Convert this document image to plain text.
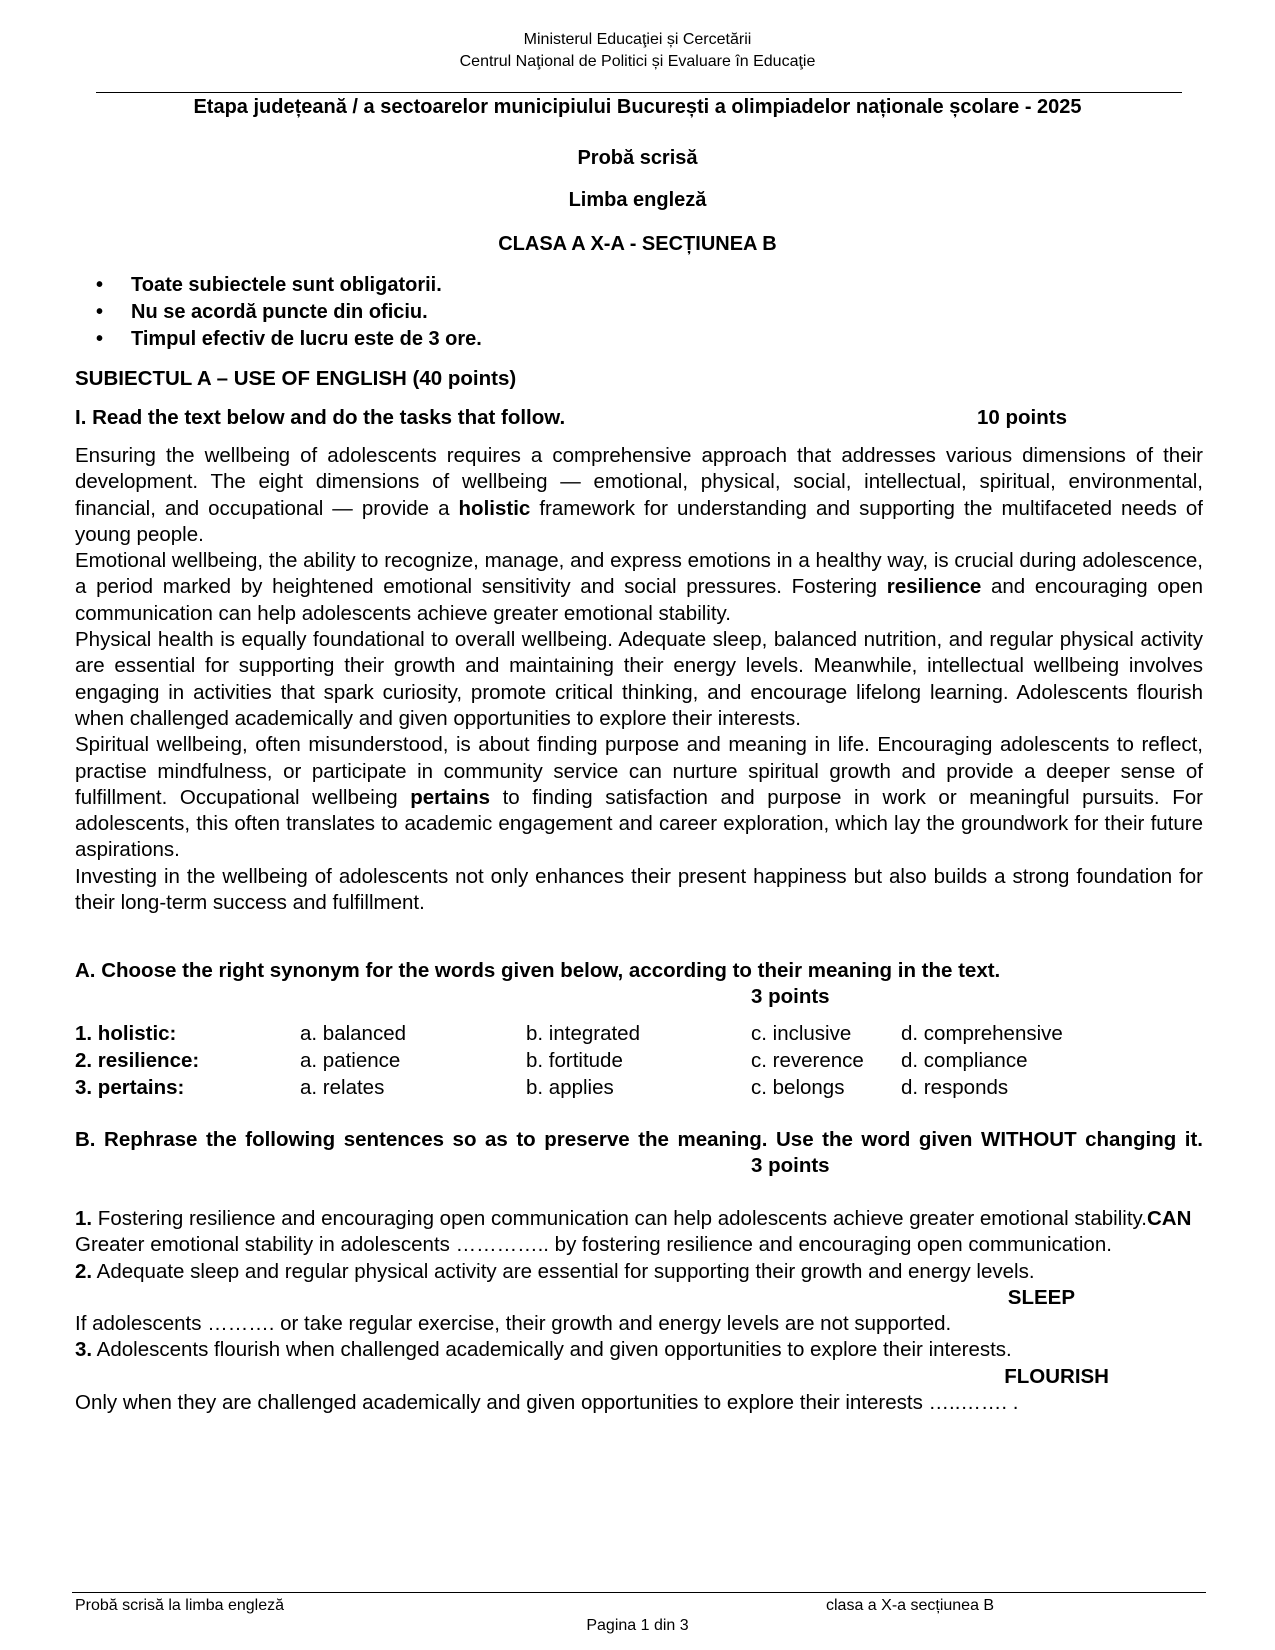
Ministerul Educaţiei și Cercetării
Centrul Naţional de Politici și Evaluare în Educaţie
Etapa județeană / a sectoarelor municipiului București a olimpiadelor naționale școlare - 2025
Probă scrisă
Limba engleză
CLASA A X-A - SECȚIUNEA B
• Toate subiectele sunt obligatorii.
• Nu se acordă puncte din oficiu.
• Timpul efectiv de lucru este de 3 ore.
SUBIECTUL A – USE OF ENGLISH (40 points)
I. Read the text below and do the tasks that follow.	10 points

Ensuring the wellbeing of adolescents requires a comprehensive approach that addresses various dimensions of their development. The eight dimensions of wellbeing — emotional, physical, social, intellectual, spiritual, environmental, financial, and occupational — provide a holistic framework for understanding and supporting the multifaceted needs of young people.

Emotional wellbeing, the ability to recognize, manage, and express emotions in a healthy way, is crucial during adolescence, a period marked by heightened emotional sensitivity and social pressures. Fostering resilience and encouraging open communication can help adolescents achieve greater emotional stability.

Physical health is equally foundational to overall wellbeing. Adequate sleep, balanced nutrition, and regular physical activity are essential for supporting their growth and maintaining their energy levels. Meanwhile, intellectual wellbeing involves engaging in activities that spark curiosity, promote critical thinking, and encourage lifelong learning. Adolescents flourish when challenged academically and given opportunities to explore their interests.

Spiritual wellbeing, often misunderstood, is about finding purpose and meaning in life. Encouraging adolescents to reflect, practise mindfulness, or participate in community service can nurture spiritual growth and provide a deeper sense of fulfillment. Occupational wellbeing pertains to finding satisfaction and purpose in work or meaningful pursuits. For adolescents, this often translates to academic engagement and career exploration, which lay the groundwork for their future aspirations.

Investing in the wellbeing of adolescents not only enhances their present happiness but also builds a strong foundation for their long-term success and fulfillment.

A. Choose the right synonym for the words given below, according to their meaning in the text.
3 points
1. holistic:	a. balanced	b. integrated	c. inclusive d. comprehensive
2. resilience:	a. patience	b. fortitude	c. reverence d. compliance
3. pertains:	a. relates	b. applies	c. belongs	d. responds
B. Rephrase the following sentences so as to preserve the meaning. Use the word given WITHOUT changing it.3 points

1. Fostering resilience and encouraging open communication can help adolescents achieve greater emotional stability.CAN

Greater emotional stability in adolescents ………….. by fostering resilience and encouraging open communication.

2. Adequate sleep and regular physical activity are essential for supporting their growth and energy levels.

SLEEP

If adolescents ………. or take regular exercise, their growth and energy levels are not supported.

3. Adolescents flourish when challenged academically and given opportunities to explore their interests.

FLOURISH

Only when they are challenged academically and given opportunities to explore their interests …..……. .

Probă scrisă la limba engleză	clasa a X-a secțiunea B
Pagina 1 din 3
